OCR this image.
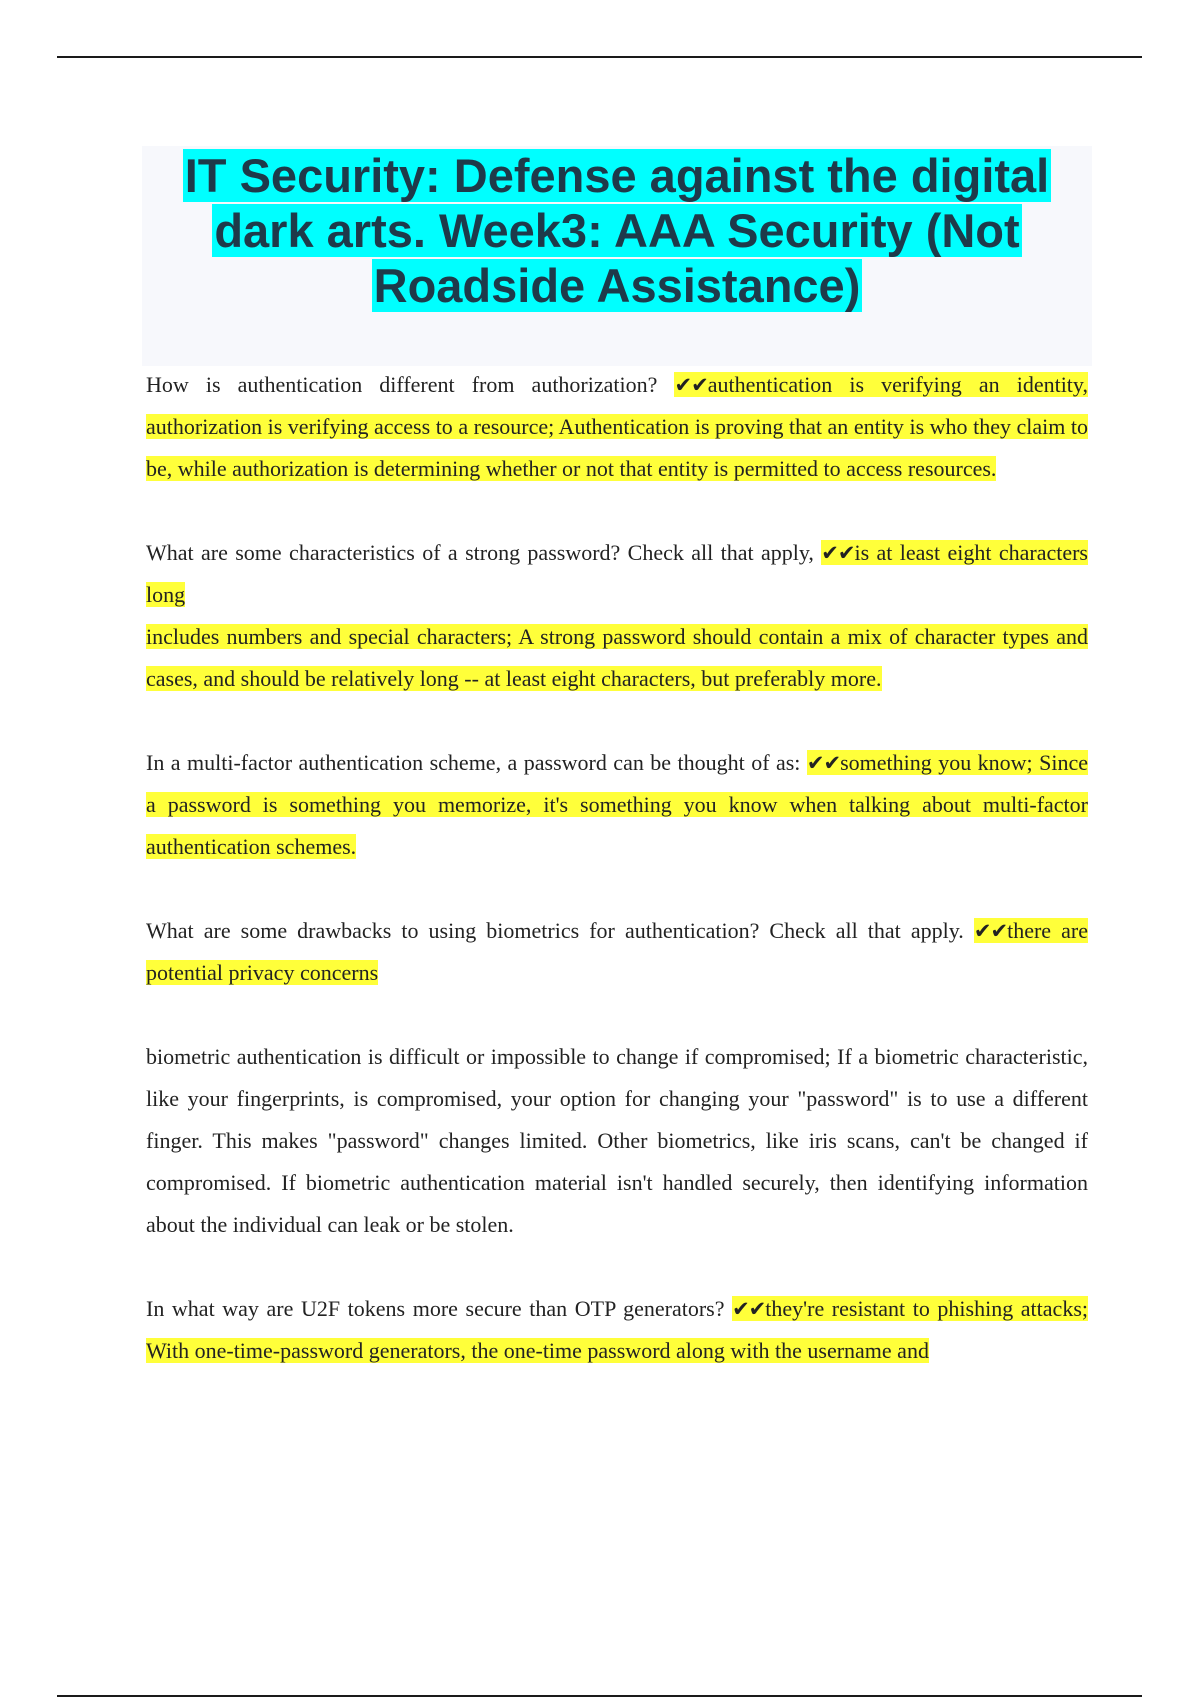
IT Security: Defense against the digital
dark arts. Week3: AAA Security (Not
Roadside Assistance)

How is authentication different from authorization? ✔✔authentication is verifying an identity, authorization is verifying access to a resource; Authentication is proving that an entity is who they claim to be, while authorization is determining whether or not that entity is permitted to access resources.

What are some characteristics of a strong password? Check all that apply, ✔✔is at least eight characters long

includes numbers and special characters; A strong password should contain a mix of character types and cases, and should be relatively long -- at least eight characters, but preferably more.

In a multi-factor authentication scheme, a password can be thought of as: ✔✔something you know; Since a password is something you memorize, it's something you know when talking about multi-factor authentication schemes.

What are some drawbacks to using biometrics for authentication? Check all that apply. ✔✔there are potential privacy concerns

biometric authentication is difficult or impossible to change if compromised; If a biometric characteristic, like your fingerprints, is compromised, your option for changing your "password" is to use a different finger. This makes "password" changes limited. Other biometrics, like iris scans, can't be changed if compromised. If biometric authentication material isn't handled securely, then identifying information about the individual can leak or be stolen.

In what way are U2F tokens more secure than OTP generators? ✔✔they're resistant to phishing attacks; With one-time-password generators, the one-time password along with the username and
